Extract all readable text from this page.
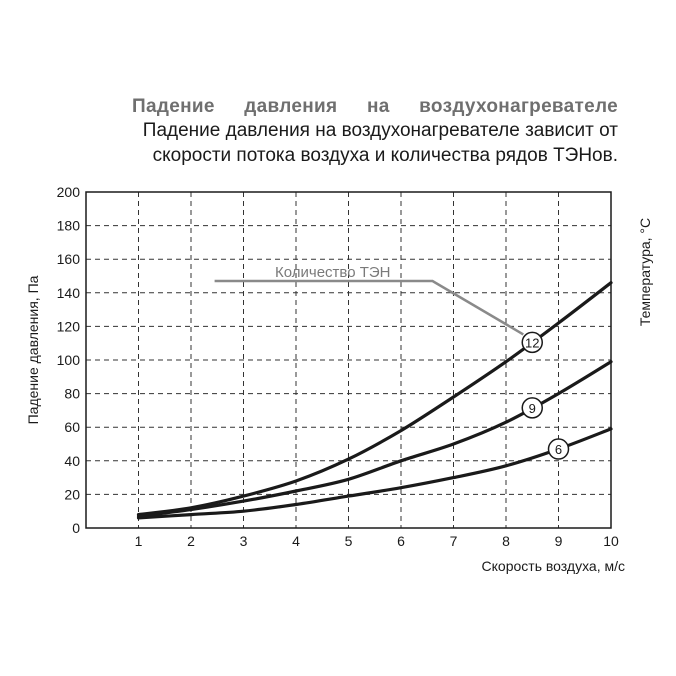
Падение давления на воздухонагревателе
Падение давления на воздухонагревателе зависит от
скорости потока воздуха и количества рядов ТЭНов.
1	2	3	4	5	6	7	8	9	10
0
20
40
60
80
100
120
140
160
180
200
Количество ТЭН
12
9
6
Скорость воздуха, м/с
Падение давления, Па
Температура, °C
